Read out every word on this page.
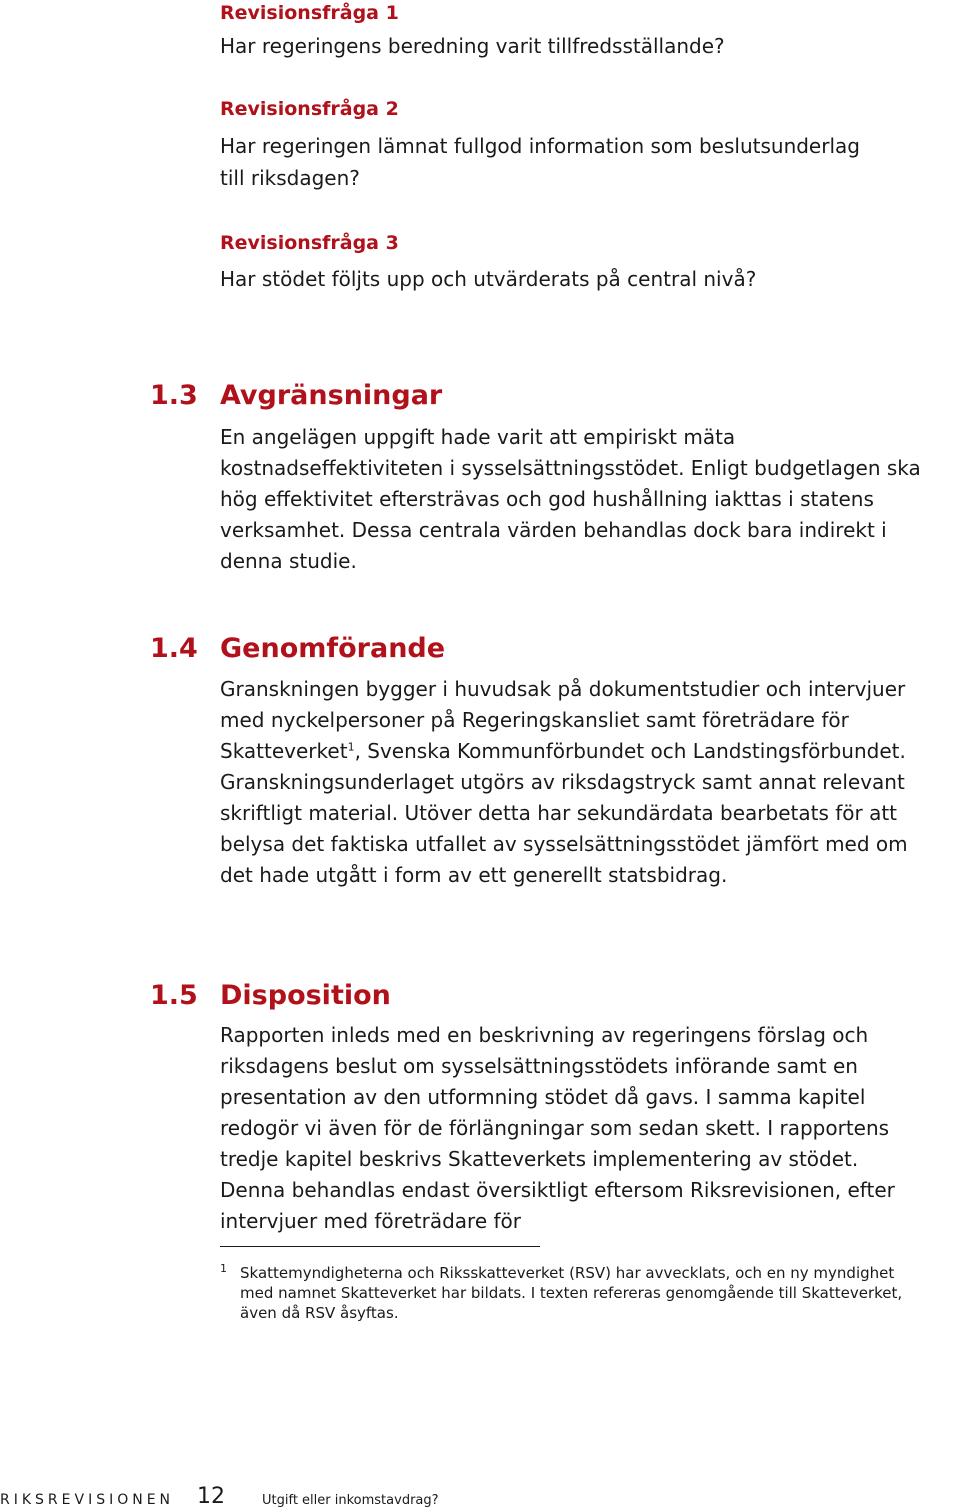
Revisionsfråga 1
Har regeringens beredning varit tillfredsställande?
Revisionsfråga 2
Har regeringen lämnat fullgod information som beslutsunderlag till riksdagen?
Revisionsfråga 3
Har stödet följts upp och utvärderats på central nivå?
1.3 Avgränsningar
En angelägen uppgift hade varit att empiriskt mäta kostnadseffektiviteten i sysselsättningsstödet. Enligt budgetlagen ska hög effektivitet eftersträvas och god hushållning iakttas i statens verksamhet. Dessa centrala värden behandlas dock bara indirekt i denna studie.
1.4 Genomförande
Granskningen bygger i huvudsak på dokumentstudier och intervjuer med nyckelpersoner på Regeringskansliet samt företrädare för Skatteverket$^1$, Svenska Kommunförbundet och Landstingsförbundet. Granskningsunderlaget utgörs av riksdagstryck samt annat relevant skriftligt material. Utöver detta har sekundärdata bearbetats för att belysa det faktiska utfallet av sysselsättningsstödet jämfört med om det hade utgått i form av ett generellt statsbidrag.
1.5 Disposition
Rapporten inleds med en beskrivning av regeringens förslag och riksdagens beslut om sysselsättningsstödets införande samt en presentation av den utformning stödet då gavs. I samma kapitel redogör vi även för de förlängningar som sedan skett. I rapportens tredje kapitel beskrivs Skatteverkets implementering av stödet. Denna behandlas endast översiktligt eftersom Riksrevisionen, efter intervjuer med företrädare för
1 Skattemyndigheterna och Riksskatteverket (RSV) har avvecklats, och en ny myndighet med namnet Skatteverket har bildats. I texten refereras genomgående till Skatteverket, även då RSV åsyftas.
RIKSREVISIONEN 12	Utgift eller inkomstavdrag?
